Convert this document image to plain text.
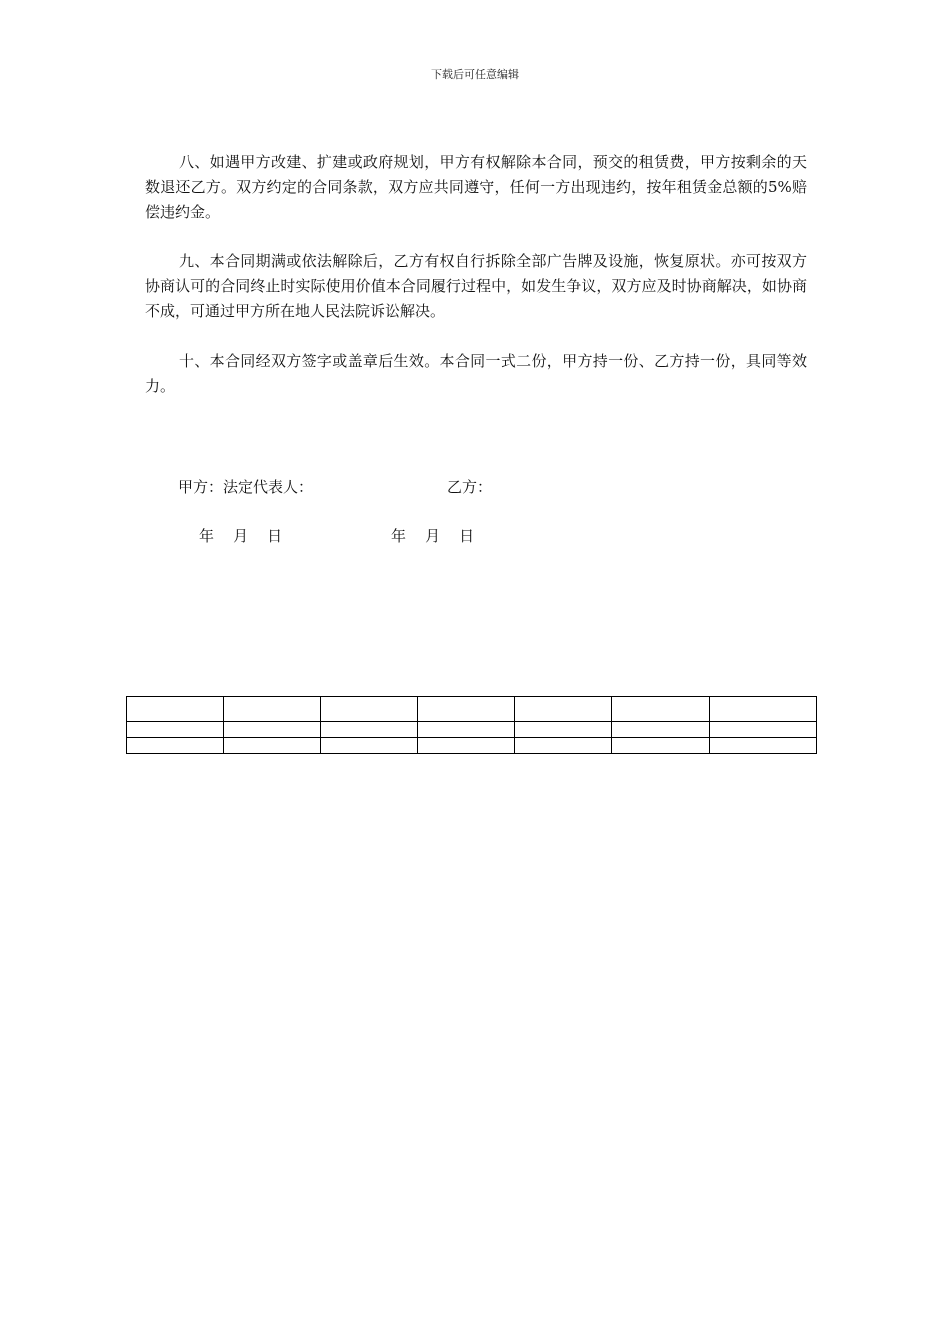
下载后可任意编辑

八、如遇甲方改建、扩建或政府规划，甲方有权解除本合同，预交的租赁费，甲方按剩余的天数退还乙方。双方约定的合同条款，双方应共同遵守，任何一方出现违约，按年租赁金总额的5%赔偿违约金。

九、本合同期满或依法解除后，乙方有权自行拆除全部广告牌及设施，恢复原状。亦可按双方协商认可的合同终止时实际使用价值本合同履行过程中，如发生争议，双方应及时协商解决，如协商不成，可通过甲方所在地人民法院诉讼解决。

十、本合同经双方签字或盖章后生效。本合同一式二份，甲方持一份、乙方持一份，具同等效力。

甲方：法定代表人：	乙方：
年    月    日	年    月    日
